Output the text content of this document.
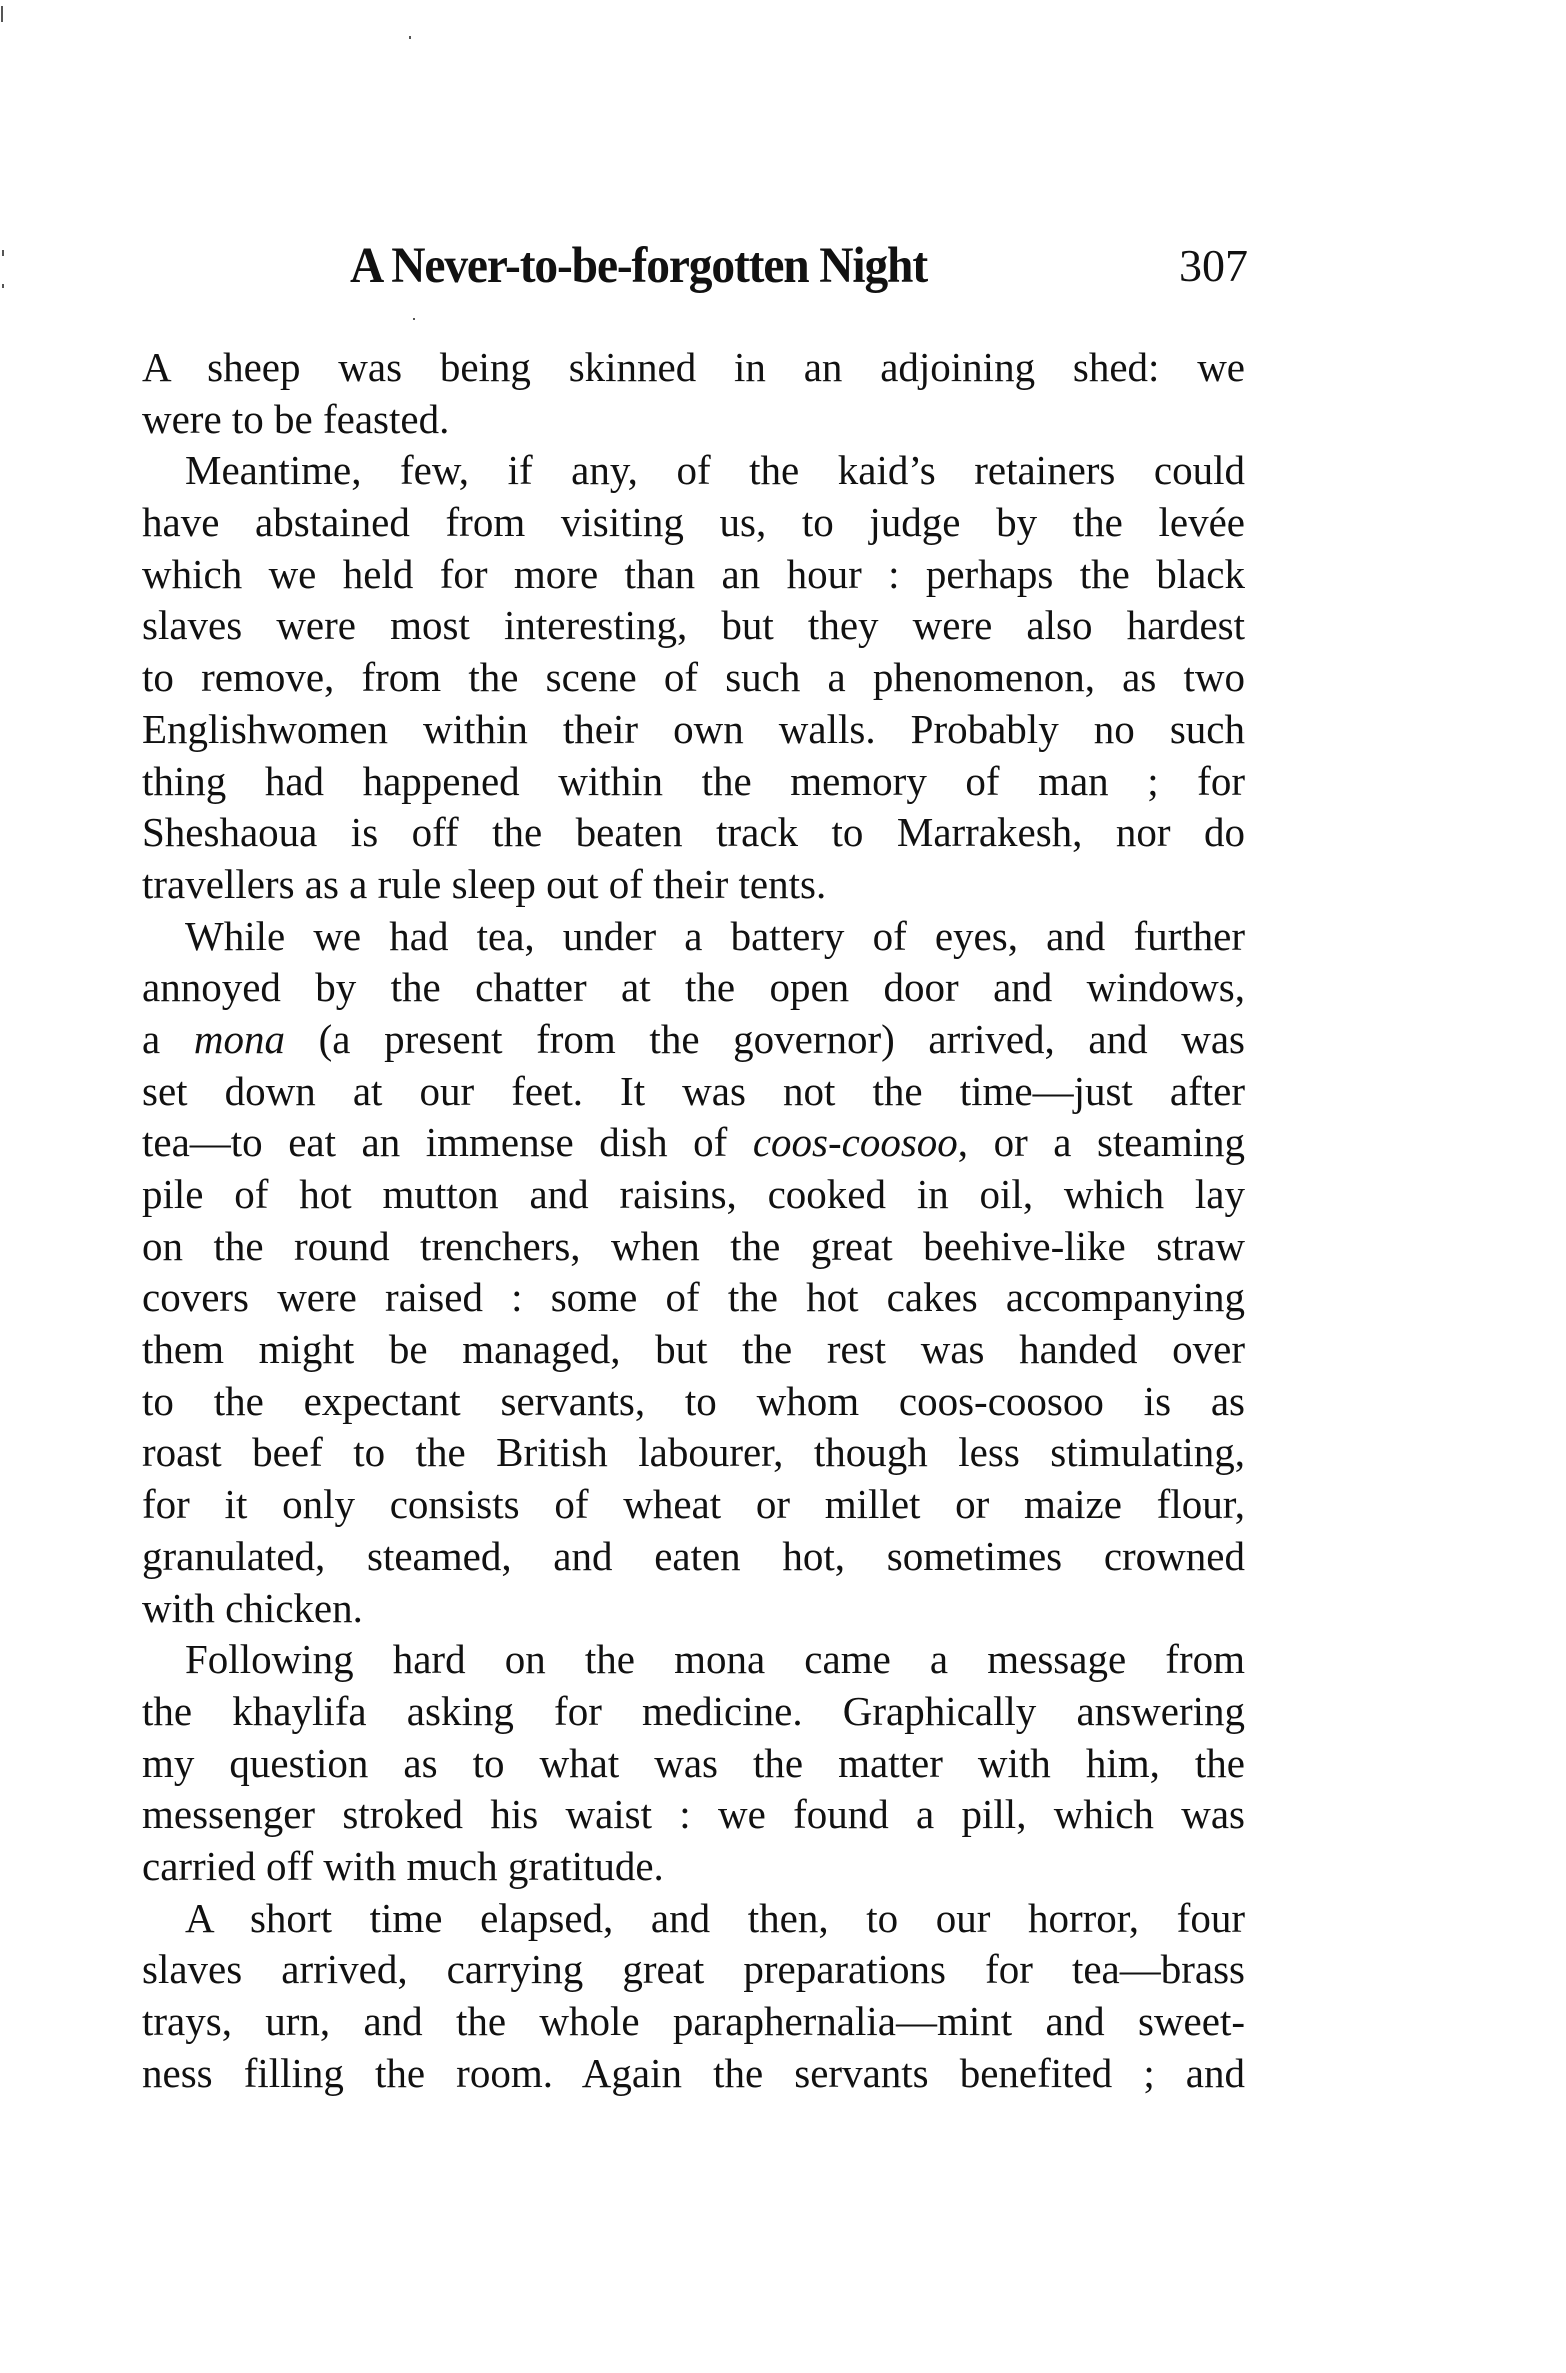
A Never-to-be-forgotten Night	307
A sheep was being skinned in an adjoining shed: we
were to be feasted.
Meantime, few, if any, of the kaid’s retainers could
have abstained from visiting us, to judge by the levée
which we held for more than an hour : perhaps the black
slaves were most interesting, but they were also hardest
to remove, from the scene of such a phenomenon, as two
Englishwomen within their own walls. Probably no such
thing had happened within the memory of man ; for
Sheshaoua is off the beaten track to Marrakesh, nor do
travellers as a rule sleep out of their tents.
While we had tea, under a battery of eyes, and further
annoyed by the chatter at the open door and windows,
a mona (a present from the governor) arrived, and was
set down at our feet. It was not the time—just after
tea—to eat an immense dish of coos-coosoo, or a steaming
pile of hot mutton and raisins, cooked in oil, which lay
on the round trenchers, when the great beehive-like straw
covers were raised : some of the hot cakes accompanying
them might be managed, but the rest was handed over
to the expectant servants, to whom coos-coosoo is as
roast beef to the British labourer, though less stimulating,
for it only consists of wheat or millet or maize flour,
granulated, steamed, and eaten hot, sometimes crowned
with chicken.
Following hard on the mona came a message from
the khaylifa asking for medicine. Graphically answering
my question as to what was the matter with him, the
messenger stroked his waist : we found a pill, which was
carried off with much gratitude.
A short time elapsed, and then, to our horror, four
slaves arrived, carrying great preparations for tea—brass
trays, urn, and the whole paraphernalia—mint and sweet-
ness filling the room. Again the servants benefited ; and
